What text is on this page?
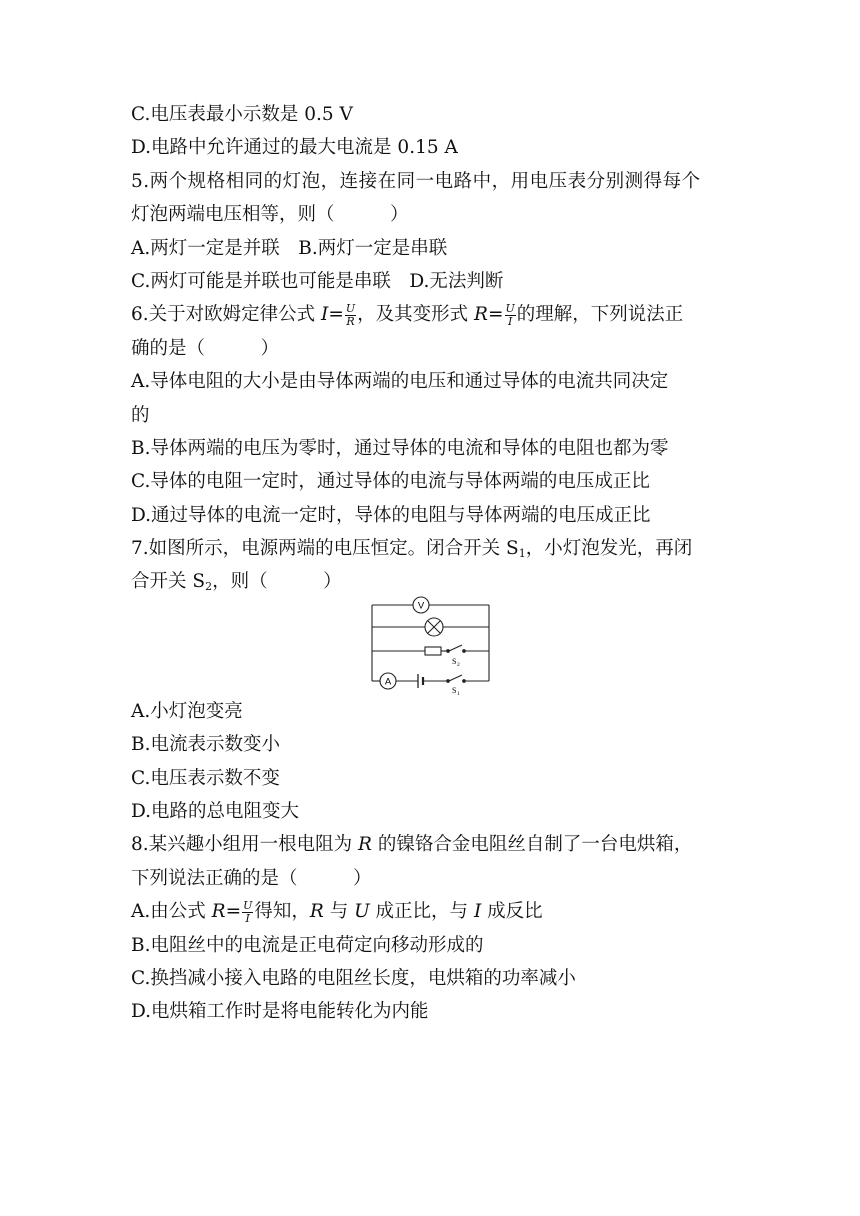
C.电压表最小示数是 0.5 V
D.电路中允许通过的最大电流是 0.15 A
5.两个规格相同的灯泡，连接在同一电路中，用电压表分别测得每个
灯泡两端电压相等，则（　　　）
A.两灯一定是并联　B.两灯一定是串联
C.两灯可能是并联也可能是串联　D.无法判断
6.关于对欧姆定律公式 $I= \frac{U}{R}$ ，及其变形式 $R= \frac{U}{I}$ 的理解，下列说法正
确的是（　　　）
A.导体电阻的大小是由导体两端的电压和通过导体的电流共同决定
的
B.导体两端的电压为零时，通过导体的电流和导体的电阻也都为零
C.导体的电阻一定时，通过导体的电流与导体两端的电压成正比
D.通过导体的电流一定时，导体的电阻与导体两端的电压成正比
7.如图所示，电源两端的电压恒定。闭合开关 $S_1$，小灯泡发光，再闭
合开关 $S_2$，则（　　　）
V
A
S 2
S 1
A.小灯泡变亮
B.电流表示数变小
C.电压表示数不变
D.电路的总电阻变大
8.某兴趣小组用一根电阻为 R 的镍铬合金电阻丝自制了一台电烘箱，
下列说法正确的是（　　　）
A.由公式 $R= \frac{U}{I}$ 得知，R 与 U 成正比，与 I 成反比
B.电阻丝中的电流是正电荷定向移动形成的
C.换挡减小接入电路的电阻丝长度，电烘箱的功率减小
D.电烘箱工作时是将电能转化为内能
